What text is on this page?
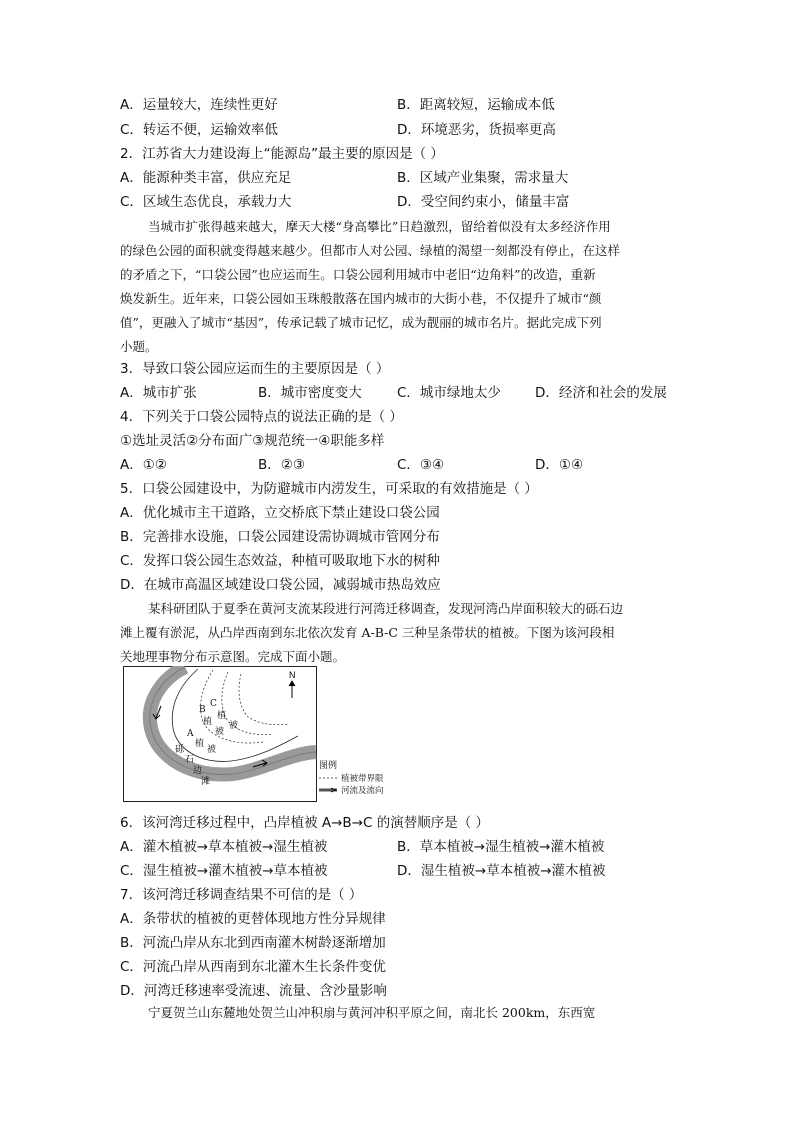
A．运量较大，连续性更好	B．距离较短，运输成本低
C．转运不便，运输效率低	D．环境恶劣，货损率更高
2．江苏省大力建设海上“能源岛”最主要的原因是（ ）
A．能源种类丰富，供应充足	B．区域产业集聚，需求量大
C．区域生态优良，承载力大	D．受空间约束小，储量丰富
当城市扩张得越来越大，摩天大楼“身高攀比”日趋激烈，留给着似没有太多经济作用
的绿色公园的面积就变得越来越少。但都市人对公园、绿植的渴望一刻都没有停止，在这样
的矛盾之下，“口袋公园”也应运而生。口袋公园利用城市中老旧“边角料”的改造，重新
焕发新生。近年来，口袋公园如玉珠般散落在国内城市的大街小巷，不仅提升了城市“颜
值”，更融入了城市“基因”，传承记载了城市记忆，成为靓丽的城市名片。据此完成下列
小题。
3．导致口袋公园应运而生的主要原因是（ ）
A．城市扩张	B．城市密度变大	C．城市绿地太少	D．经济和社会的发展
4．下列关于口袋公园特点的说法正确的是（ ）
①选址灵活②分布面广③规范统一④职能多样
A．①②	B．②③	C．③④	D．①④
5．口袋公园建设中，为防避城市内涝发生，可采取的有效措施是（ ）
A．优化城市主干道路，立交桥底下禁止建设口袋公园
B．完善排水设施，口袋公园建设需协调城市管网分布
C．发挥口袋公园生态效益，种植可吸取地下水的树种
D．在城市高温区域建设口袋公园，减弱城市热岛效应
某科研团队于夏季在黄河支流某段进行河湾迁移调查，发现河湾凸岸面积较大的砾石边
滩上覆有淤泥，从凸岸西南到东北依次发育 A-B-C 三种呈条带状的植被。下图为该河段相
关地理事物分布示意图。完成下面小题。
N
C
B
植
植 被
被
A
植
被
砾
石
边
滩
图例
植被带界限
河流及流向
6．该河湾迁移过程中，凸岸植被 A→B→C 的演替顺序是（ ）
A．灌木植被→草本植被→湿生植被	B．草本植被→湿生植被→灌木植被
C．湿生植被→灌木植被→草本植被	D．湿生植被→草本植被→灌木植被
7．该河湾迁移调查结果不可信的是（ ）
A．条带状的植被的更替体现地方性分异规律
B．河流凸岸从东北到西南灌木树龄逐渐增加
C．河流凸岸从西南到东北灌木生长条件变优
D．河湾迁移速率受流速、流量、含沙量影响
宁夏贺兰山东麓地处贺兰山冲积扇与黄河冲积平原之间，南北长 200km，东西宽
